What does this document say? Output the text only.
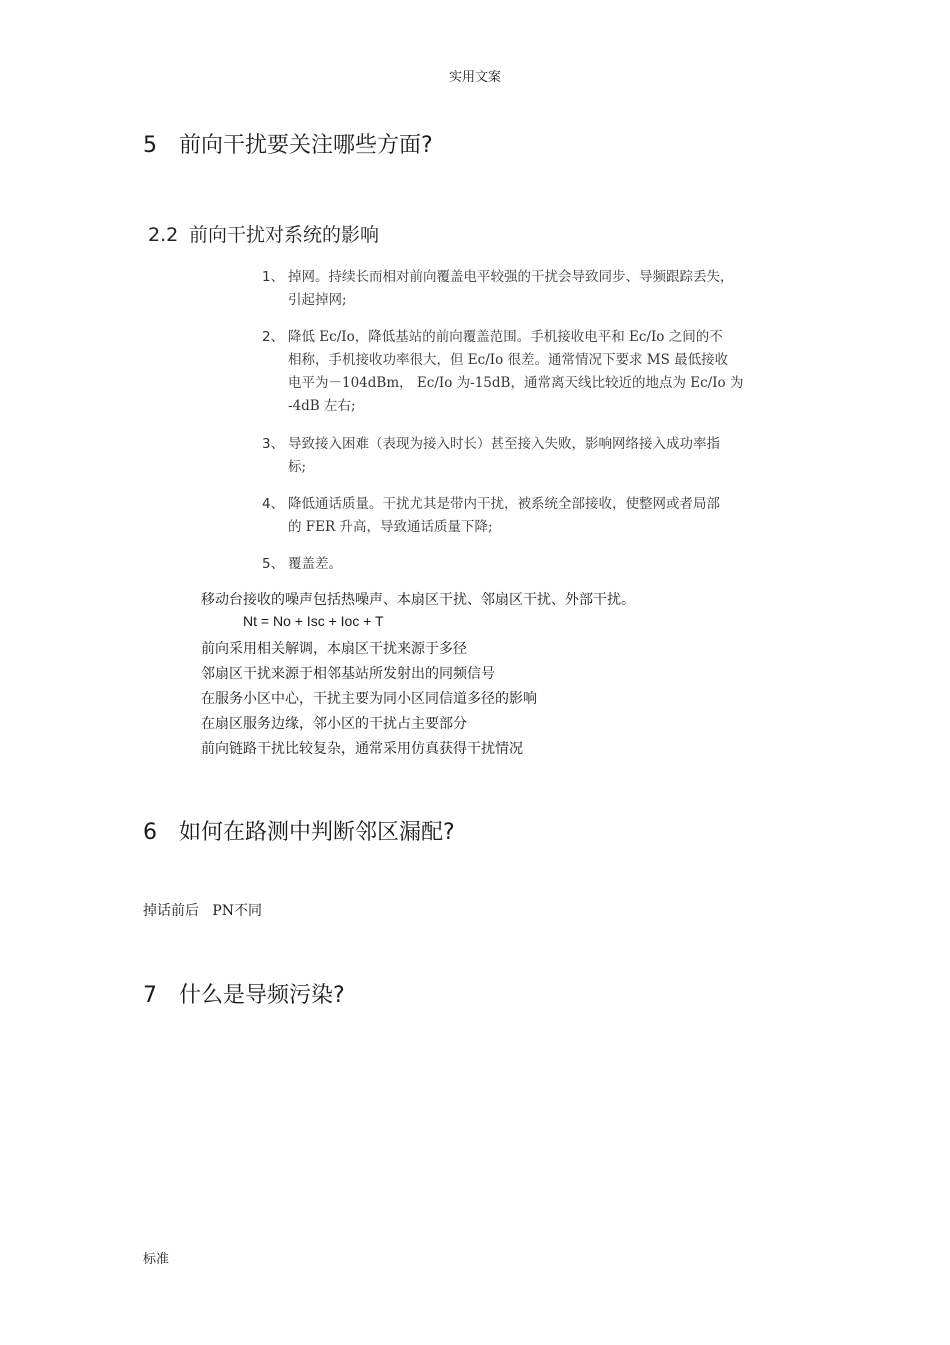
实用文案
5 前向干扰要关注哪些方面?
2.2 前向干扰对系统的影响
1、 掉网。持续长而相对前向覆盖电平较强的干扰会导致同步、导频跟踪丢失，
引起掉网;
2、 降低 Ec/Io，降低基站的前向覆盖范围。手机接收电平和 Ec/Io 之间的不
相称，手机接收功率很大，但 Ec/Io 很差。通常情况下要求 MS 最低接收
电平为－104dBm， Ec/Io 为-15dB，通常离天线比较近的地点为 Ec/Io 为
-4dB 左右;
3、 导致接入困难（表现为接入时长）甚至接入失败，影响网络接入成功率指
标;
4、 降低通话质量。干扰尤其是带内干扰，被系统全部接收，使整网或者局部
的 FER 升高，导致通话质量下降;
5、 覆盖差。
移动台接收的噪声包括热噪声、本扇区干扰、邻扇区干扰、外部干扰。
Nt = No + Isc + Ioc + T
前向采用相关解调，本扇区干扰来源于多径
邻扇区干扰来源于相邻基站所发射出的同频信号
在服务小区中心，干扰主要为同小区同信道多径的影响
在扇区服务边缘，邻小区的干扰占主要部分
前向链路干扰比较复杂，通常采用仿真获得干扰情况
6 如何在路测中判断邻区漏配?
掉话前后   PN不同
7 什么是导频污染?
标准
